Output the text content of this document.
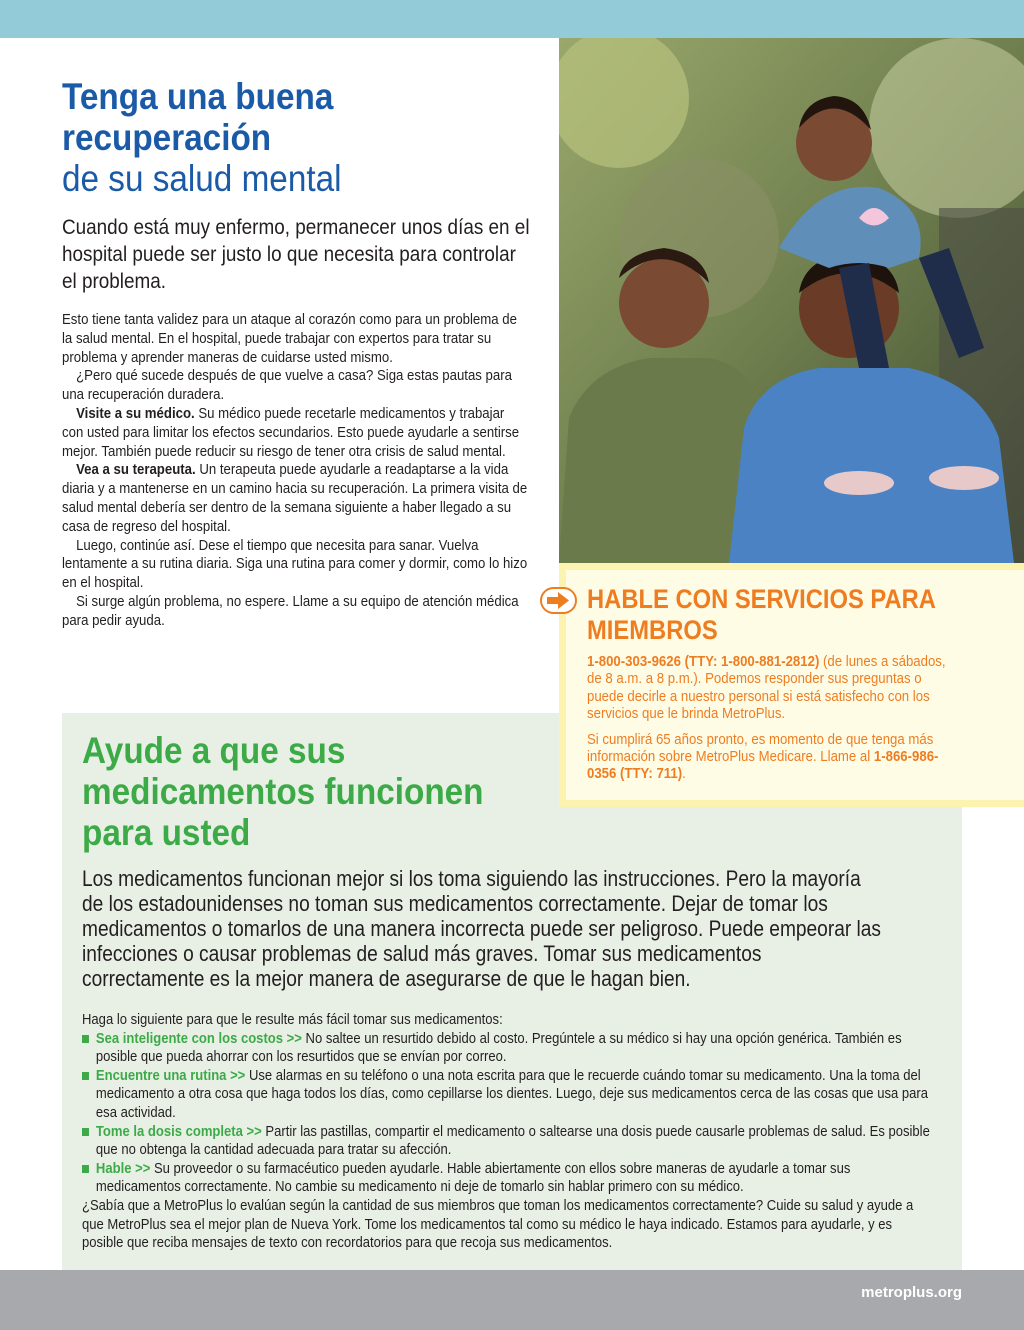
Tenga una buena
recuperación
de su salud mental

Cuando está muy enfermo, permanecer unos días en el hospital puede ser justo lo que necesita para controlar el problema.

Esto tiene tanta validez para un ataque al corazón como para un problema de la salud mental. En el hospital, puede trabajar con expertos para tratar su problema y aprender maneras de cuidarse usted mismo.

¿Pero qué sucede después de que vuelve a casa? Siga estas pautas para una recuperación duradera.

Visite a su médico. Su médico puede recetarle medicamentos y trabajar con usted para limitar los efectos secundarios. Esto puede ayudarle a sentirse mejor. También puede reducir su riesgo de tener otra crisis de salud mental.

Vea a su terapeuta. Un terapeuta puede ayudarle a readaptarse a la vida diaria y a mantenerse en un camino hacia su recuperación. La primera visita de salud mental debería ser dentro de la semana siguiente a haber llegado a su casa de regreso del hospital.

Luego, continúe así. Dese el tiempo que necesita para sanar. Vuelva lentamente a su rutina diaria. Siga una rutina para comer y dormir, como lo hizo en el hospital.

Si surge algún problema, no espere. Llame a su equipo de atención médica para pedir ayuda.

Ayude a que sus medicamentos funcionen para usted

Los medicamentos funcionan mejor si los toma siguiendo las instrucciones. Pero la mayoría de los estadounidenses no toman sus medicamentos correctamente. Dejar de tomar los medicamentos o tomarlos de una manera incorrecta puede ser peligroso. Puede empeorar las infecciones o causar problemas de salud más graves. Tomar sus medicamentos correctamente es la mejor manera de asegurarse de que le hagan bien.

Haga lo siguiente para que le resulte más fácil tomar sus medicamentos:

Sea inteligente con los costos >> No saltee un resurtido debido al costo. Pregúntele a su médico si hay una opción genérica. También es posible que pueda ahorrar con los resurtidos que se envían por correo.
Encuentre una rutina >> Use alarmas en su teléfono o una nota escrita para que le recuerde cuándo tomar su medicamento. Una la toma del medicamento a otra cosa que haga todos los días, como cepillarse los dientes. Luego, deje sus medicamentos cerca de las cosas que usa para esa actividad.
Tome la dosis completa >> Partir las pastillas, compartir el medicamento o saltearse una dosis puede causarle problemas de salud. Es posible que no obtenga la cantidad adecuada para tratar su afección.
Hable >> Su proveedor o su farmacéutico pueden ayudarle. Hable abiertamente con ellos sobre maneras de ayudarle a tomar sus medicamentos correctamente. No cambie su medicamento ni deje de tomarlo sin hablar primero con su médico.

¿Sabía que a MetroPlus lo evalúan según la cantidad de sus miembros que toman los medicamentos correctamente? Cuide su salud y ayude a que MetroPlus sea el mejor plan de Nueva York. Tome los medicamentos tal como su médico le haya indicado. Estamos para ayudarle, y es posible que reciba mensajes de texto con recordatorios para que recoja sus medicamentos.

HABLE CON SERVICIOS PARA MIEMBROS

1-800-303-9626 (TTY: 1-800-881-2812) (de lunes a sábados, de 8 a.m. a 8 p.m.). Podemos responder sus preguntas o puede decirle a nuestro personal si está satisfecho con los servicios que le brinda MetroPlus.

Si cumplirá 65 años pronto, es momento de que tenga más información sobre MetroPlus Medicare. Llame al 1-866-986-0356 (TTY: 711).

metroplus.org
